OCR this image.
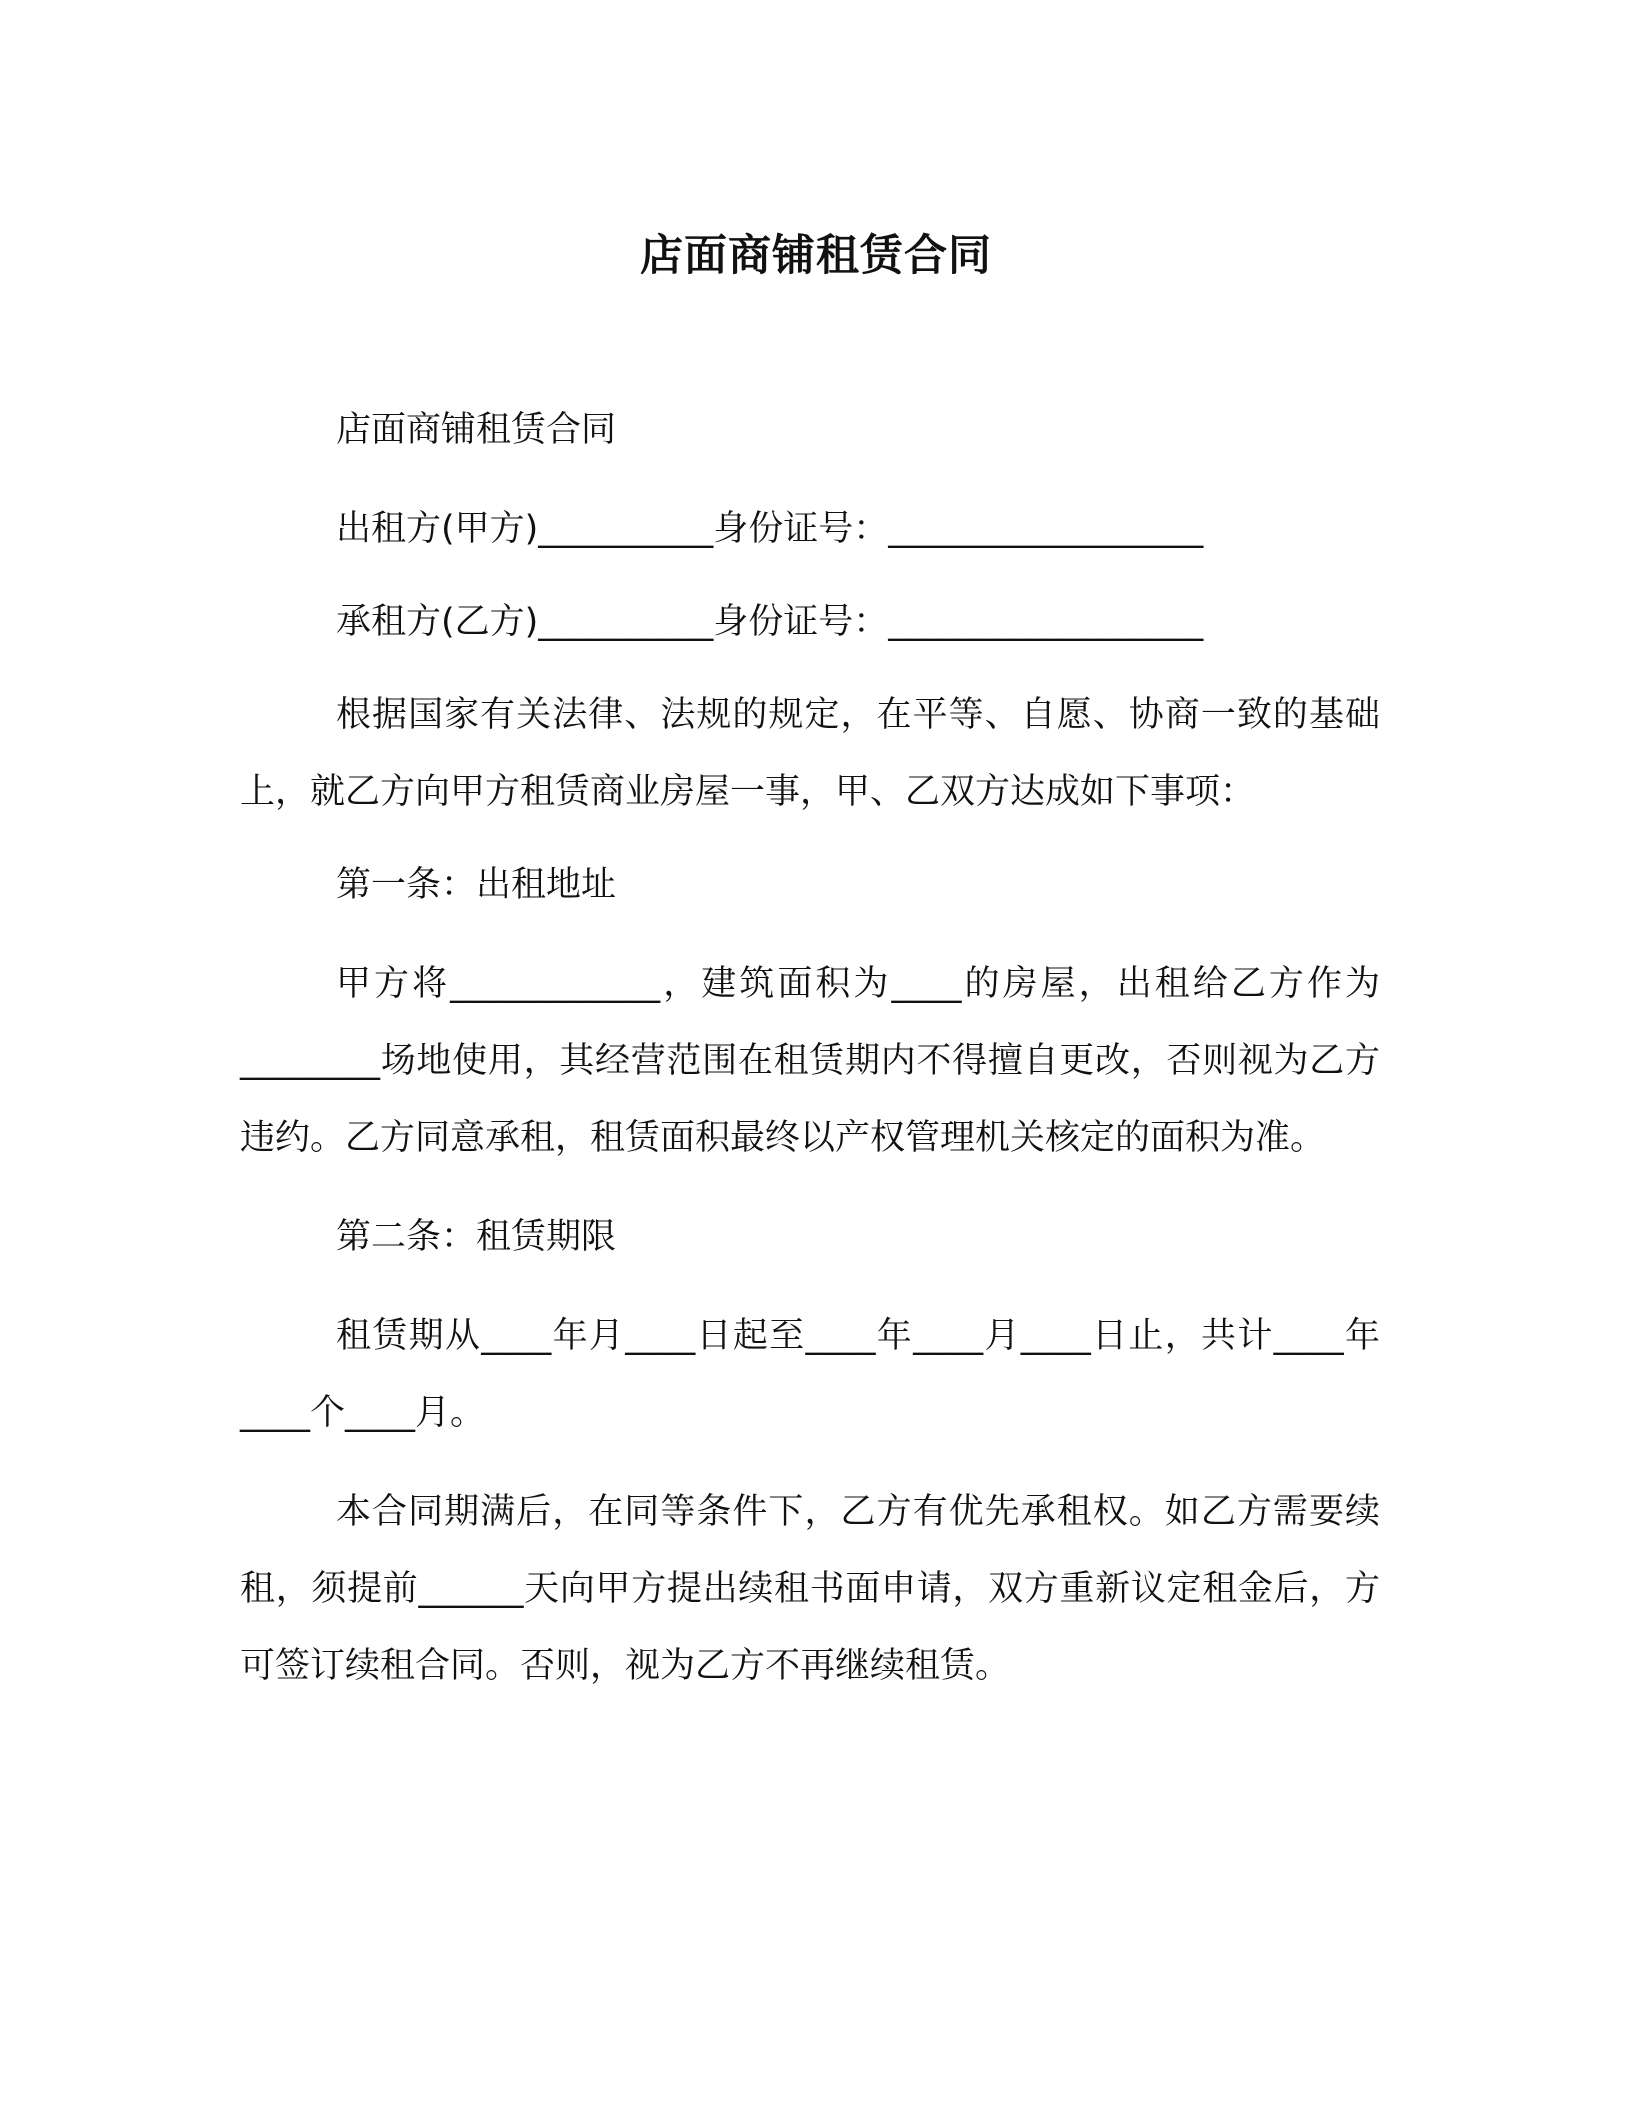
店面商铺租赁合同

店面商铺租赁合同

出租方(甲方)__________身份证号：__________________

承租方(乙方)__________身份证号：__________________

根据国家有关法律、法规的规定，在平等、自愿、协商一致的基础上，就乙方向甲方租赁商业房屋一事，甲、乙双方达成如下事项：

第一条：出租地址

甲方将____________，建筑面积为____的房屋，出租给乙方作为________场地使用，其经营范围在租赁期内不得擅自更改，否则视为乙方违约。乙方同意承租，租赁面积最终以产权管理机关核定的面积为准。

第二条：租赁期限

租赁期从____年月____日起至____年____月____日止，共计____年____个____月。

本合同期满后，在同等条件下，乙方有优先承租权。如乙方需要续租，须提前______天向甲方提出续租书面申请，双方重新议定租金后，方可签订续租合同。否则，视为乙方不再继续租赁。
